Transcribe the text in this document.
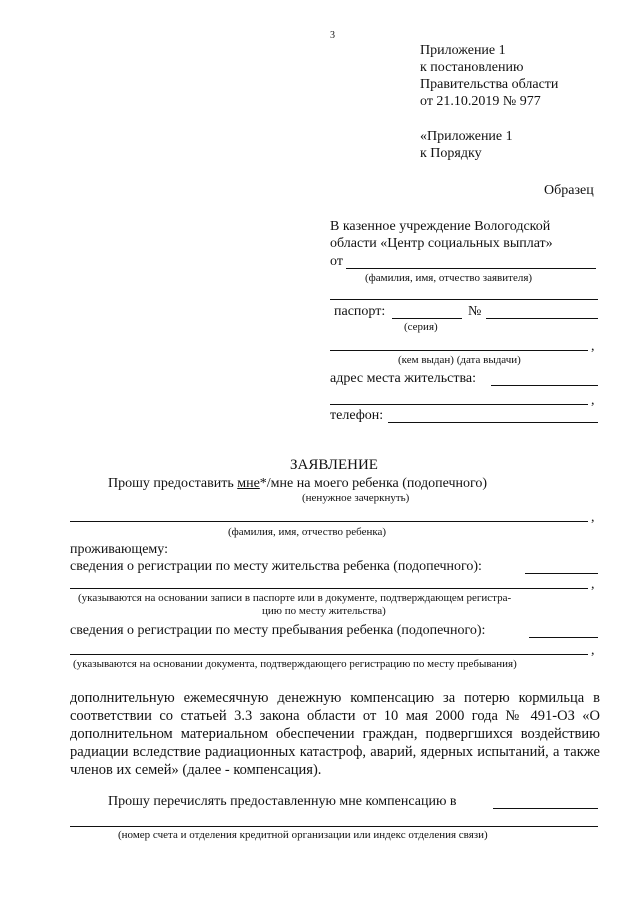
3
Приложение 1
к постановлению
Правительства области
от 21.10.2019 № 977
«Приложение 1
к Порядку
Образец
В казенное учреждение Вологодской
области «Центр социальных выплат»
от
(фамилия, имя, отчество заявителя)
паспорт:	№
(серия)
,
(кем выдан) (дата выдачи)
адрес места жительства:
,
телефон:
ЗАЯВЛЕНИЕ
Прошу предоставить мне*/мне на моего ребенка (подопечного)
(ненужное зачеркнуть)
,
(фамилия, имя, отчество ребенка)
проживающему:
сведения о регистрации по месту жительства ребенка (подопечного):
,
(указываются на основании записи в паспорте или в документе, подтверждающем регистра-
цию по месту жительства)
сведения о регистрации по месту пребывания ребенка (подопечного):
,
(указываются на основании документа, подтверждающего регистрацию по месту пребывания)
дополнительную ежемесячную денежную компенсацию за потерю кормильца в соответствии со статьей 3.3 закона области от 10 мая 2000 года № 491-ОЗ «О дополнительном материальном обеспечении граждан, подвергшихся воздействию радиации вследствие радиационных катастроф, аварий, ядерных испытаний, а также членов их семей» (далее - компенсация).
Прошу перечислять предоставленную мне компенсацию в
(номер счета и отделения кредитной организации или индекс отделения связи)
